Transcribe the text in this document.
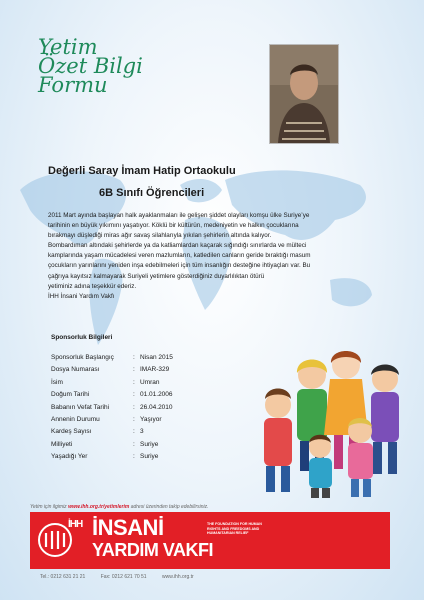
Yetim
Özet Bilgi
Formu
Değerli Saray İmam Hatip Ortaokulu
6B Sınıfı Öğrencileri

2011 Mart ayında başlayan halk ayaklanmaları ile gelişen şiddet olayları komşu ülke Suriye’ye

tarihinin en büyük yıkımını yaşatıyor. Köklü bir kültürün, medeniyetin ve halkın çocuklarına

bırakmayı düşlediği miras ağır savaş silahlarıyla yıkılan şehirlerin altında kalıyor.

Bombardıman altındaki şehirlerde ya da katliamlardan kaçarak sığındığı sınırlarda ve mülteci

kamplarında yaşam mücadelesi veren mazlumların, katledilen canların geride bıraktığı masum

çocukların yarınlarını yeniden inşa edebilmeleri için tüm insanlığın desteğine ihtiyaçları var. Bu

çağrıya kayıtsız kalmayarak Suriyeli yetimlere gösterdiğiniz duyarlılıktan ötürü

yetiminiz adına teşekkür ederiz.

İHH İnsani Yardım Vakfı

Sponsorluk Bilgileri
Sponsorluk Başlangıç	: Nisan 2015
Dosya Numarası	: IMAR-329
İsim	: Umran
Doğum Tarihi	: 01.01.2006
Babanın Vefat Tarihi	: 26.04.2010
Annenin Durumu	: Yaşıyor
Kardeş Sayısı	: 3
Milliyeti	: Suriye
Yaşadığı Yer	: Suriye
Yetim için ilgimiz www.ihh.org.tr/yetimlerim adresi üzerinden takip edebilirsiniz.
İHH İNSANİ
YARDIM VAKFI
THE FOUNDATION FOR HUMAN RIGHTS AND FREEDOMS AND HUMANITARIAN RELIEF
Tel.: 0212 631 21 21	Fax: 0212 621 70 51	www.ihh.org.tr
